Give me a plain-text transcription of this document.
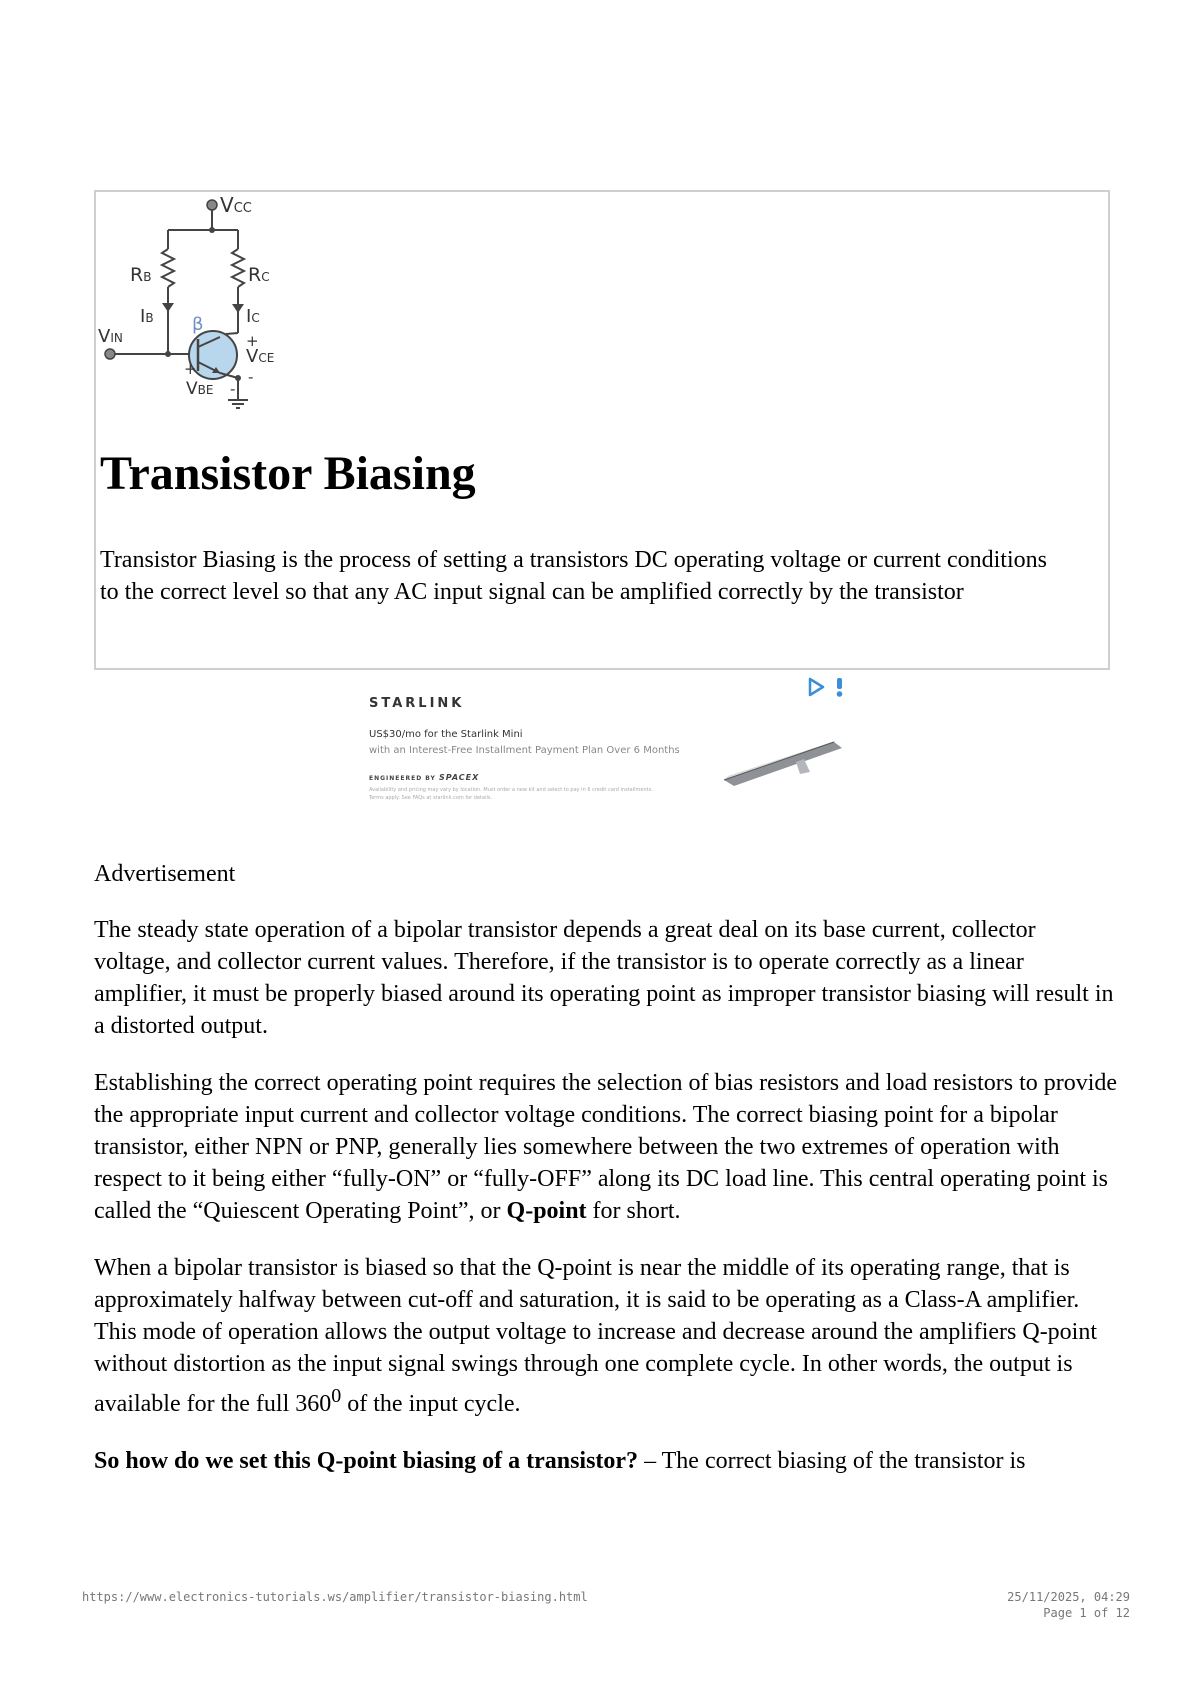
VCC
RB	RC
IB	IC
β
VIN
VCE
VBE
+
-
+
-
Transistor Biasing

Transistor Biasing is the process of setting a transistors DC operating voltage or current conditions to the correct level so that any AC input signal can be amplified correctly by the transistor

STARLINK
US$30/mo for the Starlink Mini
with an Interest-Free Installment Payment Plan Over 6 Months
ENGINEERED BY SPACEX
Availability and pricing may vary by location. Must order a new kit and select to pay in 6 credit card installments. Terms apply. See FAQs at starlink.com for details.

Advertisement

The steady state operation of a bipolar transistor depends a great deal on its base current, collector voltage, and collector current values. Therefore, if the transistor is to operate correctly as a linear amplifier, it must be properly biased around its operating point as improper transistor biasing will result in a distorted output.

Establishing the correct operating point requires the selection of bias resistors and load resistors to provide the appropriate input current and collector voltage conditions. The correct biasing point for a bipolar transistor, either NPN or PNP, generally lies somewhere between the two extremes of operation with respect to it being either “fully-ON” or “fully-OFF” along its DC load line. This central operating point is called the “Quiescent Operating Point”, or Q-point for short.

When a bipolar transistor is biased so that the Q-point is near the middle of its operating range, that is approximately halfway between cut-off and saturation, it is said to be operating as a Class-A amplifier. This mode of operation allows the output voltage to increase and decrease around the amplifiers Q-point without distortion as the input signal swings through one complete cycle. In other words, the output is available for the full $360^0$ of the input cycle.

So how do we set this Q-point biasing of a transistor? – The correct biasing of the transistor is

https://www.electronics-tutorials.ws/amplifier/transistor-biasing.html	25/11/2025, 04:29
Page 1 of 12
